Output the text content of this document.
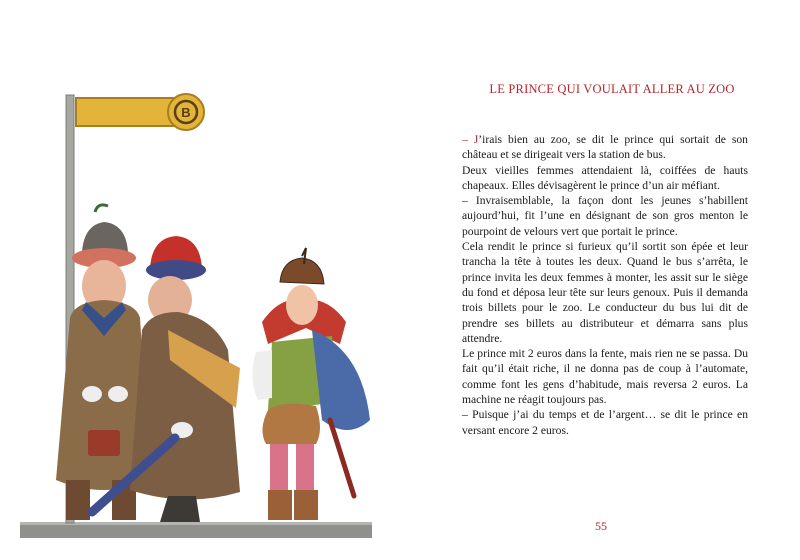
B
LE PRINCE QUI VOULAIT ALLER AU ZOO

– J’irais bien au zoo, se dit le prince qui sortait de son château et se dirigeait vers la station de bus.

Deux vieilles femmes attendaient là, coiffées de hauts chapeaux. Elles dévisagèrent le prince d’un air méfiant.

– Invraisemblable, la façon dont les jeunes s’habillent aujourd’hui, fit l’une en désignant de son gros menton le pourpoint de velours vert que portait le prince.

Cela rendit le prince si furieux qu’il sortit son épée et leur trancha la tête à toutes les deux. Quand le bus s’arrêta, le prince invita les deux femmes à monter, les assit sur le siège du fond et déposa leur tête sur leurs genoux. Puis il demanda trois billets pour le zoo. Le conducteur du bus lui dit de prendre ses billets au distributeur et démarra sans plus attendre.

Le prince mit 2 euros dans la fente, mais rien ne se passa. Du fait qu’il était riche, il ne donna pas de coup à l’automate, comme font les gens d’habitude, mais reversa 2 euros. La machine ne réagit toujours pas.

– Puisque j’ai du temps et de l’argent… se dit le prince en versant encore 2 euros.

55
